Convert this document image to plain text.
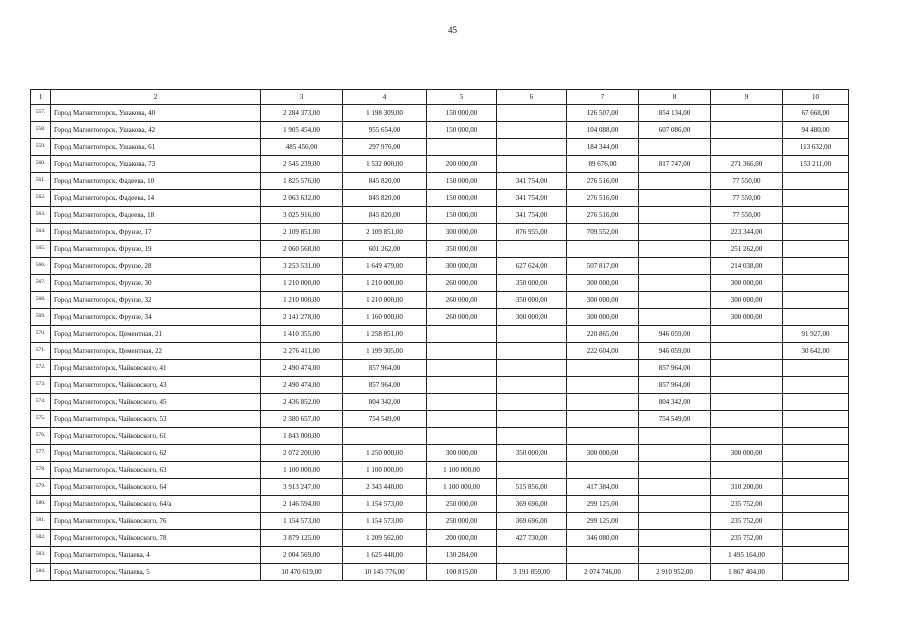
45
1	2	3	4	5	6	7	8	9	10
557.	Город Магнитогорск, Ушакова, 40	2 284 373,00	1 198 309,00	150 000,00		126 507,00	854 134,00		67 668,00
558.	Город Магнитогорск, Ушакова, 42	1 905 454,00	955 654,00	150 000,00		104 088,00	607 086,00		94 480,00
559.	Город Магнитогорск, Ушакова, 61	485 456,00	297 976,00			184 344,00			113 632,00
560.	Город Магнитогорск, Ушакова, 73	2 545 239,00	1 532 000,00	200 000,00		89 676,00	817 747,00	271 366,00	153 211,00
561.	Город Магнитогорск, Фадеева, 10	1 825 576,00	845 820,00	150 000,00	341 754,00	276 516,00		77 550,00	
562.	Город Магнитогорск, Фадеева, 14	2 063 632,00	845 820,00	150 000,00	341 754,00	276 516,00		77 550,00	
563.	Город Магнитогорск, Фадеева, 18	3 025 916,00	845 820,00	150 000,00	341 754,00	276 516,00		77 550,00	
564.	Город Магнитогорск, Фрунзе, 17	2 109 851,00	2 109 851,00	300 000,00	876 955,00	709 552,00		223 344,00	
565.	Город Магнитогорск, Фрунзе, 19	2 060 568,00	601 262,00	350 000,00				251 262,00	
566.	Город Магнитогорск, Фрунзе, 28	3 253 531,00	1 649 479,00	300 000,00	627 624,00	507 817,00		214 038,00	
567.	Город Магнитогорск, Фрунзе, 30	1 210 000,00	1 210 000,00	260 000,00	350 000,00	300 000,00		300 000,00	
568.	Город Магнитогорск, Фрунзе, 32	1 210 000,00	1 210 000,00	260 000,00	350 000,00	300 000,00		300 000,00	
569.	Город Магнитогорск, Фрунзе, 34	2 141 278,00	1 160 000,00	260 000,00	300 000,00	300 000,00		300 000,00	
570.	Город Магнитогорск, Цементная, 21	1 410 355,00	1 258 851,00			220 865,00	946 059,00		91 927,00
571.	Город Магнитогорск, Цементная, 22	2 276 411,00	1 199 305,00			222 604,00	946 059,00		30 642,00
572.	Город Магнитогорск, Чайковского, 41	2 490 474,00	857 964,00				857 964,00		
573.	Город Магнитогорск, Чайковского, 43	2 490 474,00	857 964,00				857 964,00		
574.	Город Магнитогорск, Чайковского, 45	2 436 852,00	804 342,00				804 342,00		
575.	Город Магнитогорск, Чайковского, 53	2 380 657,00	754 549,00				754 549,00		
576.	Город Магнитогорск, Чайковского, 61	1 843 000,00							
577.	Город Магнитогорск, Чайковского, 62	2 072 200,00	1 250 000,00	300 000,00	350 000,00	300 000,00		300 000,00	
578.	Город Магнитогорск, Чайковского, 63	1 100 000,00	1 100 000,00	1 100 000,00					
579.	Город Магнитогорск, Чайковского, 64	3 913 247,00	2 343 440,00	1 100 000,00	515 856,00	417 384,00		310 200,00	
580.	Город Магнитогорск, Чайковского, 64/а	2 146 594,00	1 154 573,00	250 000,00	369 696,00	299 125,00		235 752,00	
581.	Город Магнитогорск, Чайковского, 76	1 154 573,00	1 154 573,00	250 000,00	369 696,00	299 125,00		235 752,00	
582.	Город Магнитогорск, Чайковского, 78	3 879 125,00	1 209 562,00	200 000,00	427 730,00	346 080,00		235 752,00	
583.	Город Магнитогорск, Чапаева, 4	2 004 569,00	1 625 448,00	130 284,00				1 495 164,00	
584.	Город Магнитогорск, Чапаева, 5	10 470 619,00	10 145 776,00	100 815,00	3 191 859,00	2 074 746,00	2 910 952,00	1 867 404,00	
